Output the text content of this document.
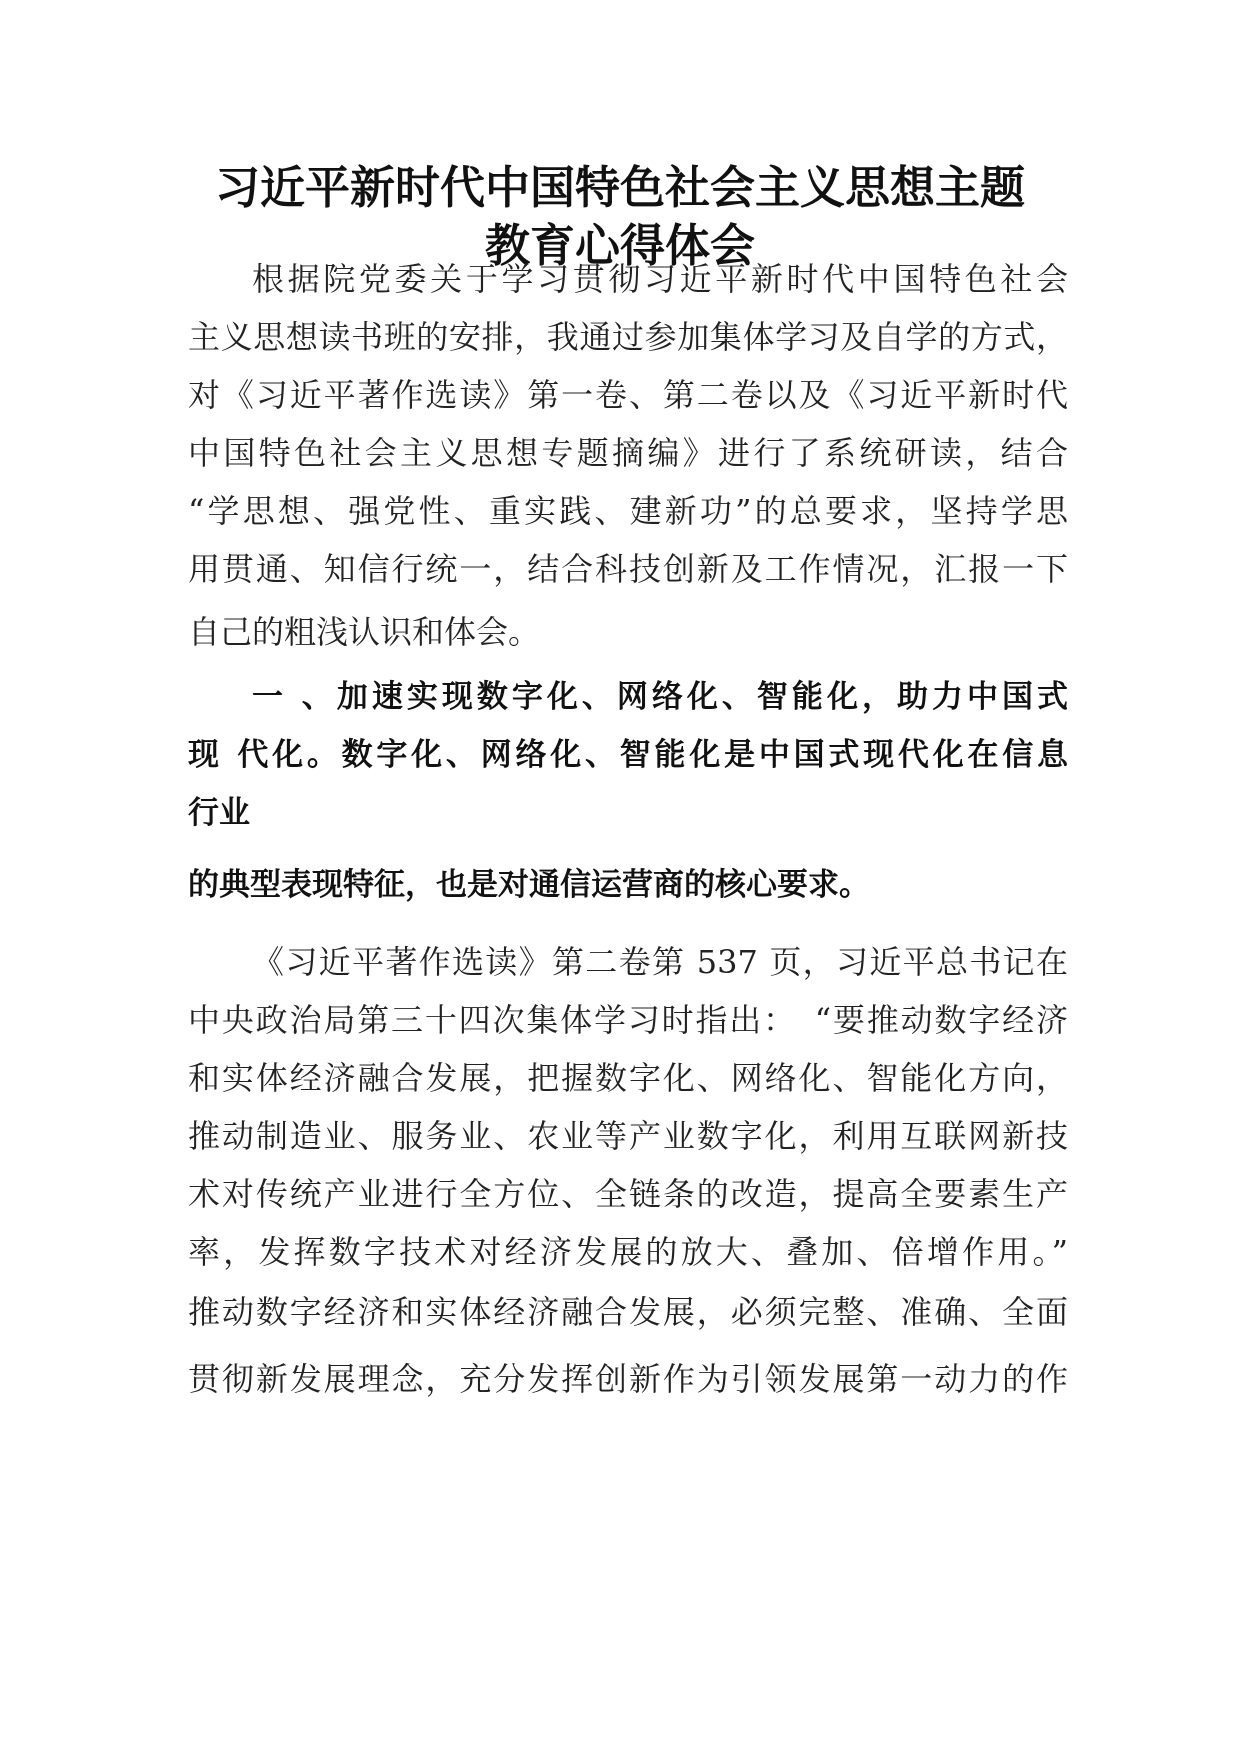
习近平新时代中国特色社会主义思想主题
教育心得体会
根据院党委关于学习贯彻习近平新时代中国特色社会
主义思想读书班的安排，我通过参加集体学习及自学的方式，
对《习近平著作选读》第一卷、第二卷以及《习近平新时代
中国特色社会主义思想专题摘编》进行了系统研读，结合
“学思想、强党性、重实践、建新功”的总要求，坚持学思
用贯通、知信行统一，结合科技创新及工作情况，汇报一下
自己的粗浅认识和体会。
一 、加速实现数字化、网络化、智能化，助力中国式
现 代化。数字化、网络化、智能化是中国式现代化在信息
行业
的典型表现特征，也是对通信运营商的核心要求。
《习近平著作选读》第二卷第 537 页，习近平总书记在
中央政治局第三十四次集体学习时指出：　“要推动数字经济
和实体经济融合发展，把握数字化、网络化、智能化方向，
推动制造业、服务业、农业等产业数字化，利用互联网新技
术对传统产业进行全方位、全链条的改造，提高全要素生产
率，发挥数字技术对经济发展的放大、叠加、倍增作用。”
推动数字经济和实体经济融合发展，必须完整、准确、全面
贯彻新发展理念，充分发挥创新作为引领发展第一动力的作
